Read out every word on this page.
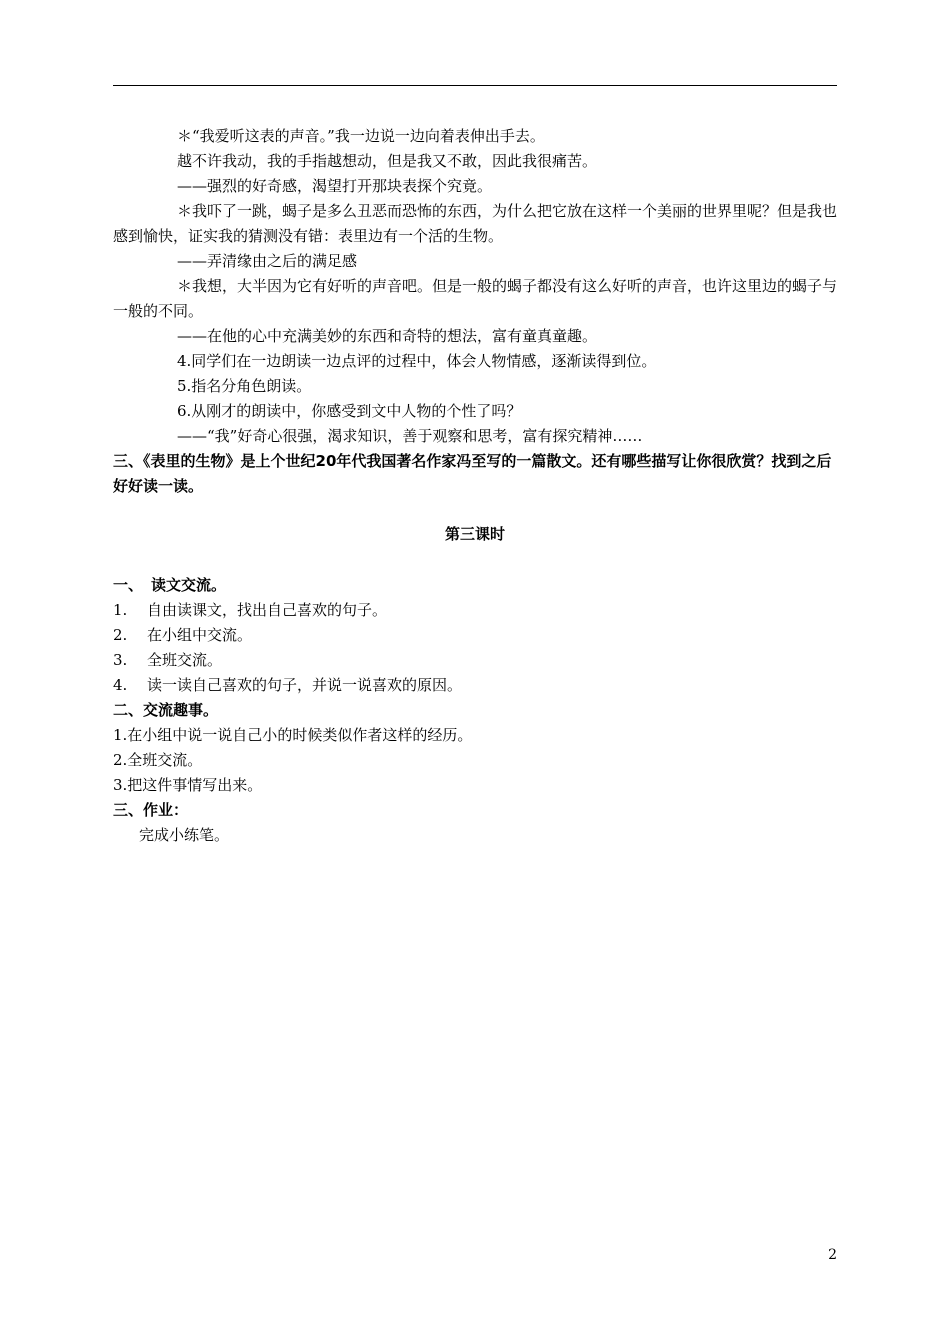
＊“我爱听这表的声音。”我一边说一边向着表伸出手去。

越不许我动，我的手指越想动，但是我又不敢，因此我很痛苦。

——强烈的好奇感，渴望打开那块表探个究竟。

＊我吓了一跳，蝎子是多么丑恶而恐怖的东西，为什么把它放在这样一个美丽的世界里呢？但是我也感到愉快，证实我的猜测没有错：表里边有一个活的生物。

——弄清缘由之后的满足感

＊我想，大半因为它有好听的声音吧。但是一般的蝎子都没有这么好听的声音，也许这里边的蝎子与一般的不同。

——在他的心中充满美妙的东西和奇特的想法，富有童真童趣。

4.同学们在一边朗读一边点评的过程中，体会人物情感，逐渐读得到位。

5.指名分角色朗读。

6.从刚才的朗读中，你感受到文中人物的个性了吗？

——“我”好奇心很强，渴求知识，善于观察和思考，富有探究精神……

三、《表里的生物》是上个世纪20年代我国著名作家冯至写的一篇散文。还有哪些描写让你很欣赏？找到之后好好读一读。

第三课时

一、 读文交流。

1.	自由读课文，找出自己喜欢的句子。
2.	在小组中交流。
3.	全班交流。
4.	读一读自己喜欢的句子，并说一说喜欢的原因。

二、交流趣事。

1.在小组中说一说自己小的时候类似作者这样的经历。

2.全班交流。

3.把这件事情写出来。

三、作业：

完成小练笔。

2
